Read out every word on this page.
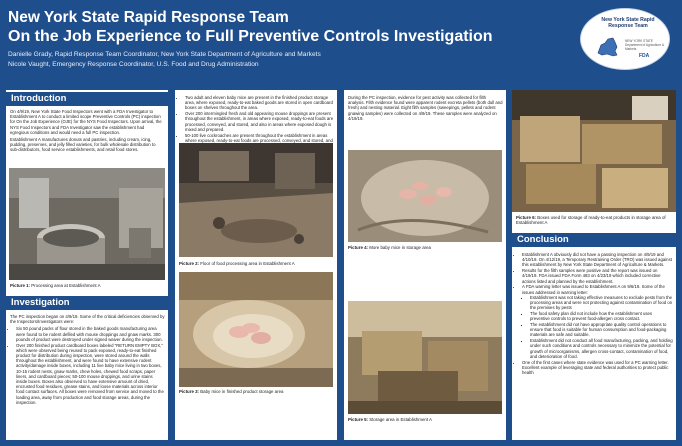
New York State Rapid Response Team
On the Job Experience to Full Preventive Controls Investigation
Danielle Grady, Rapid Response Team Coordinator, New York State Department of Agriculture and Markets
Nicole Vaught, Emergency Response Coordinator, U.S. Food and Drug Administration
New York State Rapid Response Team
NEW YORK STATE Department of Agriculture & Markets
FDA
Introduction

On 4/9/19, New York State Food Inspectors went with a FDA Investigator to Establishment A to conduct a limited scope Preventive Controls (PC) inspection for On the Job Experience (OJE) for the NYS Food Inspectors. Upon arrival, the NYS Food Inspectors and FDA Investigator saw the establishment had egregious conditions and would need a full PC inspection.

Establishment A manufactures donuts and pastries, including cream, icing, pudding, preserves, and jelly filled varieties, for bulk wholesale distribution to sub-distributors, food service establishments, and retail food stores.

Picture 1: Processing area at Establishment A
Investigation

The PC inspection began on 4/9/19. Some of the critical deficiencies observed by the Inspectors/Investigators were:

• Six 50 pound packs of flour stored in the baked goods manufacturing area were found to be rodent defiled with mouse droppings and gnaw marks. 300 pounds of product were destroyed under signed waiver during the inspection.
• Over 200 finished product cardboard boxes labeled "RETURN EMPTY BOX," which were observed being reused to pack exposed, ready-to-eat finished product for distribution during inspection, were stored around the walls throughout the establishment, and were found to have extensive rodent activity/damage inside boxes, including 11 live baby mice living in two boxes, 10-15 rodent nests, gnaw marks, chew holes, chewed food scraps, paper liners, and cardboard pieces; 50-100 mouse droppings, and urine stains inside boxes. Boxes also observed to have extensive amount of dried, encrusted food residues, grease stains, and loose materials across interior food contact surfaces. All boxes were removed from service and moved to the loading area, away from production and food storage areas, during the inspection.
• Two adult and eleven baby mice are present in the finished product storage area, where exposed, ready-to-eat baked goods are stored in open cardboard boxes on shelves throughout the area.
• Over 200 intermingled fresh and old appearing mouse droppings are present throughout the establishment, in areas where exposed, ready-to-eat foods are processed, conveyed, and stored, and also in areas where exposed dough is mixed and prepared.
• 50-100 live cockroaches are present throughout the establishment in areas where exposed, ready-to-eat foods are processed, conveyed, and stored, and
Picture 2: Floor of food processing area in Establishment A
Picture 3: Baby mice in finished product storage area
During the PC inspection, evidence for pest activity was collected for filth analysis. Filth evidence found were apparent rodent excreta pellets (both dull and fresh) and nesting material. Eight filth samples (sweepings, pellets and rodent gnawing samples) were collected on 4/9/19. These samples were analyzed on 4/19/19.
Picture 4: More baby mice in storage area
Picture 5: Storage area in Establishment A
Picture 6: Boxes used for storage of ready-to-eat products in storage area of Establishment A
Conclusion
• Establishment A obviously did not have a passing inspection on 4/9/19 and 4/10/19. On 4/12/19, a Temporary Restraining Order (TRO) was issued against this establishment by New York State Department of Agriculture & Markets.
• Results for the filth samples were positive and the report was issued on 4/19/19. FDA issued FDA Form 483 on 4/23/19 which included corrective actions listed and planned by the establishment.
• A FDA warning letter was issued to Establishment A on 9/6/19. Some of the issues addressed in warning letter:
▪ Establishment was not taking effective measures to exclude pests from the processing areas and were not protecting against contamination of food on the premises by pests
▪ The food safety plan did not include how the establishment uses preventive controls to prevent food-allergen cross contact.
▪ The establishment did not have appropriate quality control operations to ensure that food is suitable for human consumption and food-packaging materials are safe and suitable.
▪ Establishment did not conduct all food manufacturing, packing, and holding under such conditions and controls necessary to minimize the potential for growth of microorganisms, allergen cross-contact, contamination of food, and deterioration of food.
• One of the first cases where state evidence was used for a PC warning letter. Excellent example of leveraging state and federal authorities to protect public health
